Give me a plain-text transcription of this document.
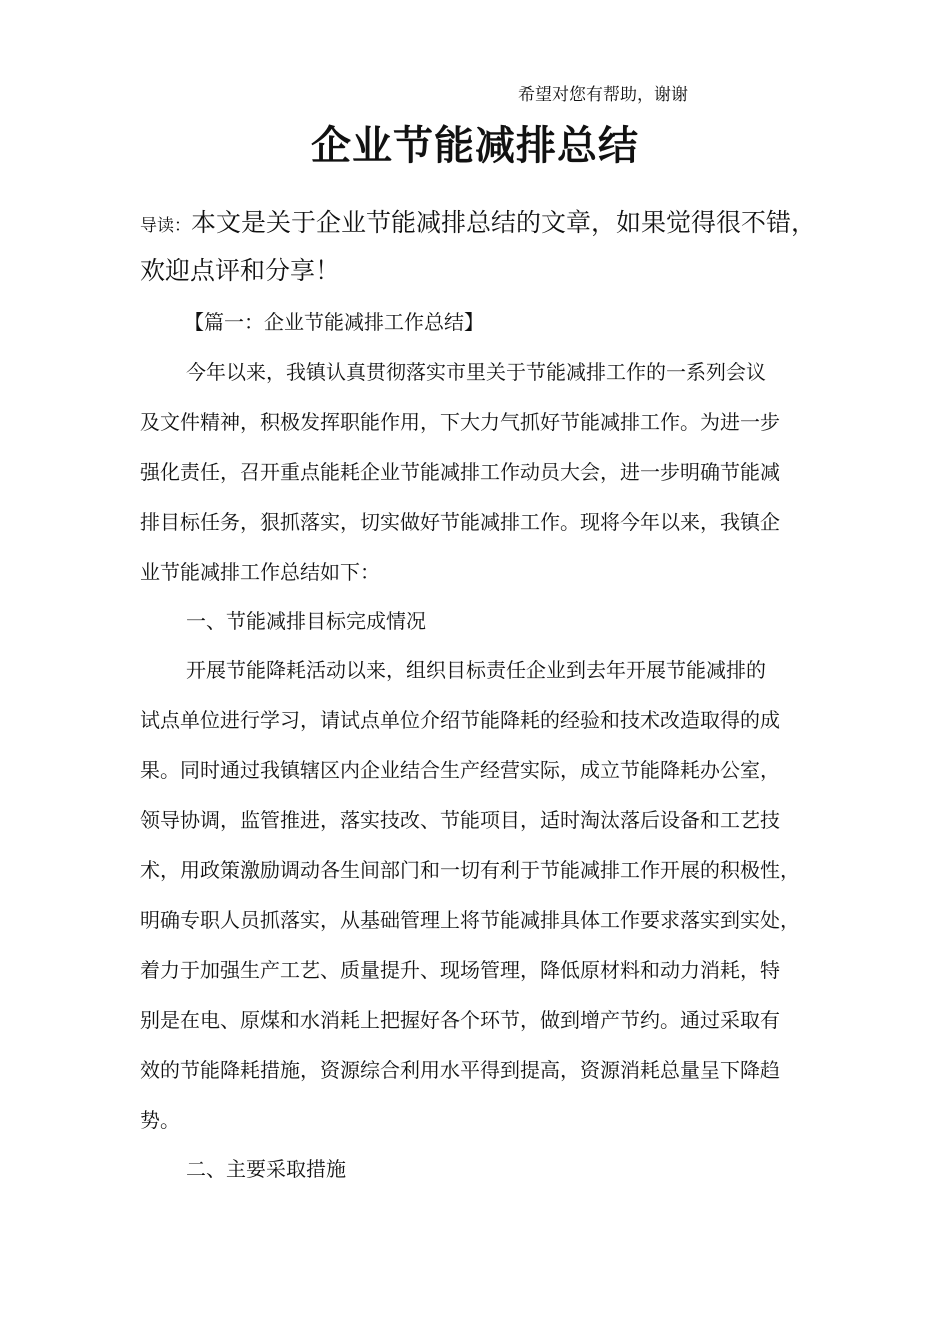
希望对您有帮助，谢谢
企业节能减排总结
导读：本文是关于企业节能减排总结的文章，如果觉得很不错，
欢迎点评和分享！
【篇一：企业节能减排工作总结】
今年以来，我镇认真贯彻落实市里关于节能减排工作的一系列会议
及文件精神，积极发挥职能作用，下大力气抓好节能减排工作。为进一步
强化责任，召开重点能耗企业节能减排工作动员大会，进一步明确节能减
排目标任务，狠抓落实，切实做好节能减排工作。现将今年以来，我镇企
业节能减排工作总结如下：
一、节能减排目标完成情况
开展节能降耗活动以来，组织目标责任企业到去年开展节能减排的
试点单位进行学习，请试点单位介绍节能降耗的经验和技术改造取得的成
果。同时通过我镇辖区内企业结合生产经营实际，成立节能降耗办公室，
领导协调，监管推进，落实技改、节能项目，适时淘汰落后设备和工艺技
术，用政策激励调动各生间部门和一切有利于节能减排工作开展的积极性，
明确专职人员抓落实，从基础管理上将节能减排具体工作要求落实到实处，
着力于加强生产工艺、质量提升、现场管理，降低原材料和动力消耗，特
别是在电、原煤和水消耗上把握好各个环节，做到增产节约。通过采取有
效的节能降耗措施，资源综合利用水平得到提高，资源消耗总量呈下降趋
势。
二、主要采取措施
